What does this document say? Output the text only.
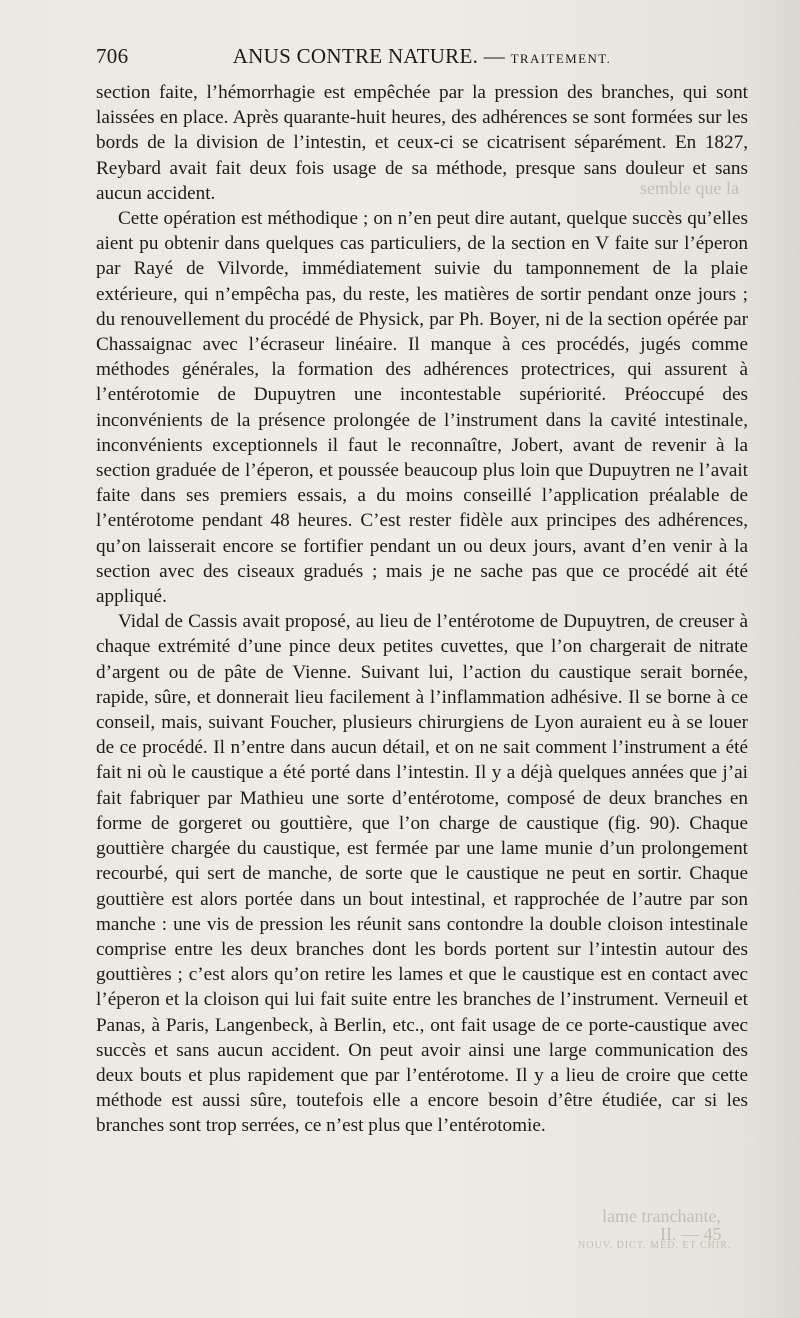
semble que la
lame tranchante,
II. — 45
NOUV. DICT. MÉD. ET CHIR.
706	ANUS CONTRE NATURE. — TRAITEMENT.

section faite, l’hémorrhagie est empêchée par la pression des branches, qui sont laissées en place. Après quarante-huit heures, des adhérences se sont formées sur les bords de la division de l’intestin, et ceux-ci se cicatrisent séparément. En 1827, Reybard avait fait deux fois usage de sa méthode, presque sans douleur et sans aucun accident.

Cette opération est méthodique ; on n’en peut dire autant, quelque succès qu’elles aient pu obtenir dans quelques cas particuliers, de la section en V faite sur l’éperon par Rayé de Vilvorde, immédiatement suivie du tamponnement de la plaie extérieure, qui n’empêcha pas, du reste, les matières de sortir pendant onze jours ; du renouvellement du procédé de Physick, par Ph. Boyer, ni de la section opérée par Chassaignac avec l’écraseur linéaire. Il manque à ces procédés, jugés comme méthodes générales, la formation des adhérences protectrices, qui assurent à l’entérotomie de Dupuytren une incontestable supériorité. Préoccupé des inconvénients de la présence prolongée de l’instrument dans la cavité intestinale, inconvénients exceptionnels il faut le reconnaître, Jobert, avant de revenir à la section graduée de l’éperon, et poussée beaucoup plus loin que Dupuytren ne l’avait faite dans ses premiers essais, a du moins conseillé l’application préalable de l’entérotome pendant 48 heures. C’est rester fidèle aux principes des adhérences, qu’on laisserait encore se fortifier pendant un ou deux jours, avant d’en venir à la section avec des ciseaux gradués ; mais je ne sache pas que ce procédé ait été appliqué.

Vidal de Cassis avait proposé, au lieu de l’entérotome de Dupuytren, de creuser à chaque extrémité d’une pince deux petites cuvettes, que l’on chargerait de nitrate d’argent ou de pâte de Vienne. Suivant lui, l’action du caustique serait bornée, rapide, sûre, et donnerait lieu facilement à l’inflammation adhésive. Il se borne à ce conseil, mais, suivant Foucher, plusieurs chirurgiens de Lyon auraient eu à se louer de ce procédé. Il n’entre dans aucun détail, et on ne sait comment l’instrument a été fait ni où le caustique a été porté dans l’intestin. Il y a déjà quelques années que j’ai fait fabriquer par Mathieu une sorte d’entérotome, composé de deux branches en forme de gorgeret ou gouttière, que l’on charge de caustique (fig. 90). Chaque gouttière chargée du caustique, est fermée par une lame munie d’un prolongement recourbé, qui sert de manche, de sorte que le caustique ne peut en sortir. Chaque gouttière est alors portée dans un bout intestinal, et rapprochée de l’autre par son manche : une vis de pression les réunit sans contondre la double cloison intestinale comprise entre les deux branches dont les bords portent sur l’intestin autour des gouttières ; c’est alors qu’on retire les lames et que le caustique est en contact avec l’éperon et la cloison qui lui fait suite entre les branches de l’instrument. Verneuil et Panas, à Paris, Langenbeck, à Berlin, etc., ont fait usage de ce porte-caustique avec succès et sans aucun accident. On peut avoir ainsi une large communication des deux bouts et plus rapidement que par l’entérotome. Il y a lieu de croire que cette méthode est aussi sûre, toutefois elle a encore besoin d’être étudiée, car si les branches sont trop serrées, ce n’est plus que l’entérotomie.
